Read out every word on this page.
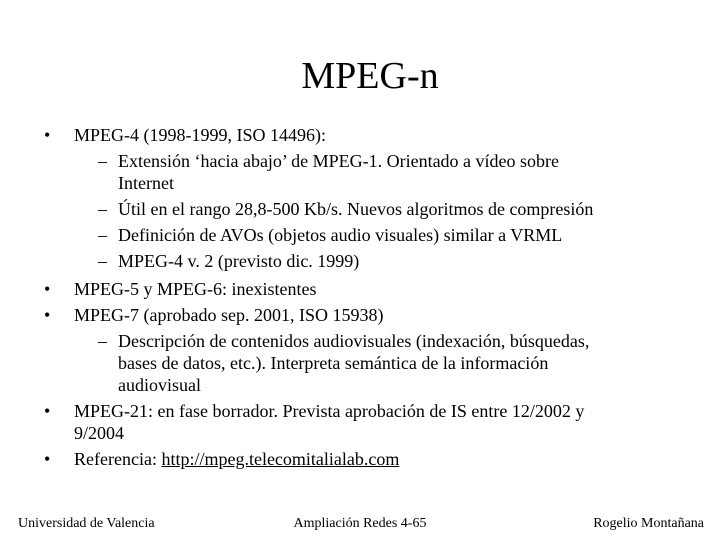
MPEG-n
• MPEG-4 (1998-1999, ISO 14496):
– Extensión ‘hacia abajo’ de MPEG-1. Orientado a vídeo sobre
Internet
– Útil en el rango 28,8-500 Kb/s. Nuevos algoritmos de compresión
– Definición de AVOs (objetos audio visuales) similar a VRML
– MPEG-4 v. 2 (previsto dic. 1999)
• MPEG-5 y MPEG-6: inexistentes
• MPEG-7 (aprobado sep. 2001, ISO 15938)
– Descripción de contenidos audiovisuales (indexación, búsquedas,
bases de datos, etc.). Interpreta semántica de la información
audiovisual
• MPEG-21: en fase borrador. Prevista aprobación de IS entre 12/2002 y
9/2004
• Referencia: http://mpeg.telecomitalialab.com
Universidad de Valencia	Ampliación Redes 4-65	Rogelio Montañana
